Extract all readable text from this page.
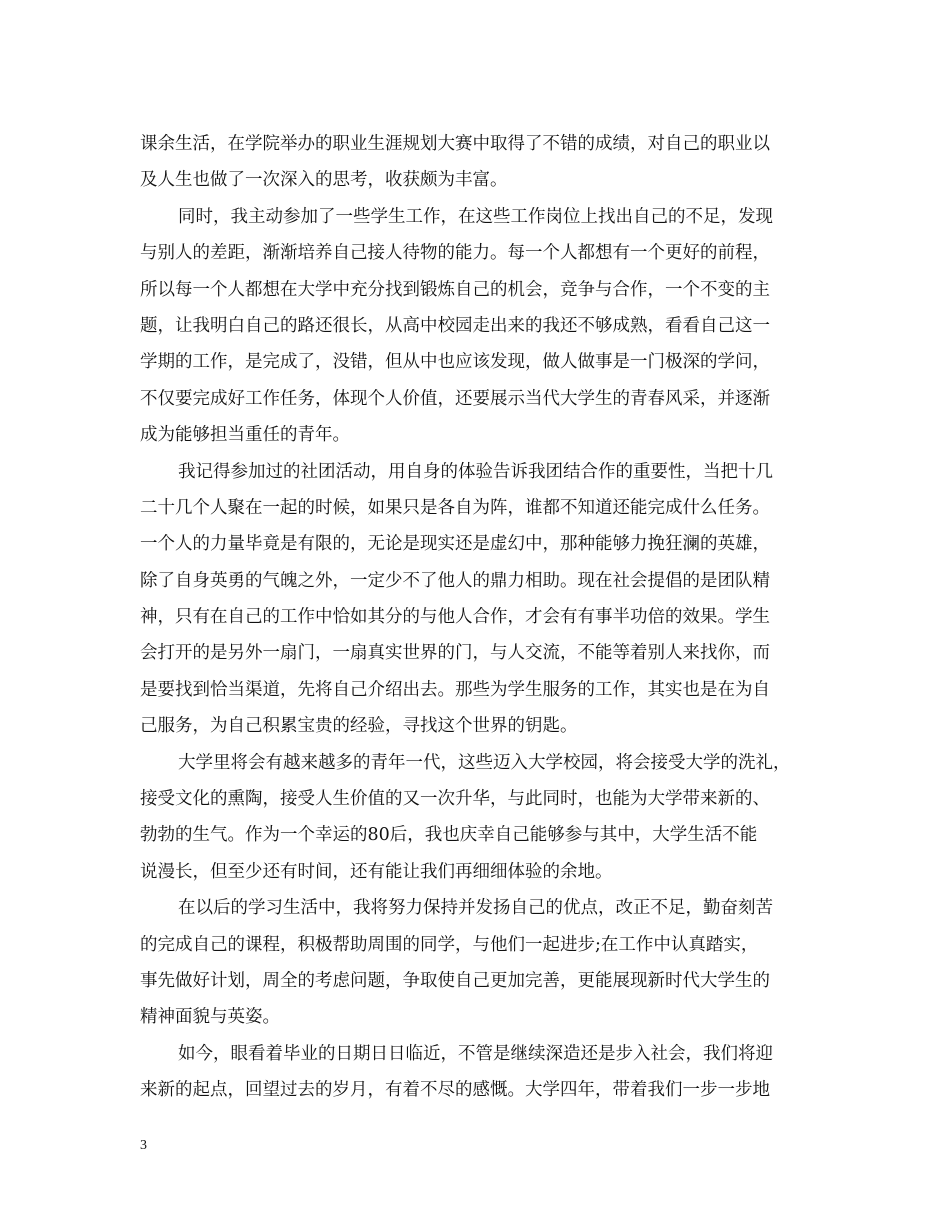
课余生活，在学院举办的职业生涯规划大赛中取得了不错的成绩，对自己的职业以
及人生也做了一次深入的思考，收获颇为丰富。
同时，我主动参加了一些学生工作，在这些工作岗位上找出自己的不足，发现
与别人的差距，渐渐培养自己接人待物的能力。每一个人都想有一个更好的前程，
所以每一个人都想在大学中充分找到锻炼自己的机会，竞争与合作，一个不变的主
题，让我明白自己的路还很长，从高中校园走出来的我还不够成熟，看看自己这一
学期的工作，是完成了，没错，但从中也应该发现，做人做事是一门极深的学问，
不仅要完成好工作任务，体现个人价值，还要展示当代大学生的青春风采，并逐渐
成为能够担当重任的青年。
我记得参加过的社团活动，用自身的体验告诉我团结合作的重要性，当把十几
二十几个人聚在一起的时候，如果只是各自为阵，谁都不知道还能完成什么任务。
一个人的力量毕竟是有限的，无论是现实还是虚幻中，那种能够力挽狂澜的英雄，
除了自身英勇的气魄之外，一定少不了他人的鼎力相助。现在社会提倡的是团队精
神，只有在自己的工作中恰如其分的与他人合作，才会有有事半功倍的效果。学生
会打开的是另外一扇门，一扇真实世界的门，与人交流，不能等着别人来找你，而
是要找到恰当渠道，先将自己介绍出去。那些为学生服务的工作，其实也是在为自
己服务，为自己积累宝贵的经验，寻找这个世界的钥匙。
大学里将会有越来越多的青年一代，这些迈入大学校园，将会接受大学的洗礼，
接受文化的熏陶，接受人生价值的又一次升华，与此同时，也能为大学带来新的、
勃勃的生气。作为一个幸运的80后，我也庆幸自己能够参与其中，大学生活不能
说漫长，但至少还有时间，还有能让我们再细细体验的余地。
在以后的学习生活中，我将努力保持并发扬自己的优点，改正不足，勤奋刻苦
的完成自己的课程，积极帮助周围的同学，与他们一起进步;在工作中认真踏实，
事先做好计划，周全的考虑问题，争取使自己更加完善，更能展现新时代大学生的
精神面貌与英姿。
如今，眼看着毕业的日期日日临近，不管是继续深造还是步入社会，我们将迎
来新的起点，回望过去的岁月，有着不尽的感慨。大学四年，带着我们一步一步地
3
